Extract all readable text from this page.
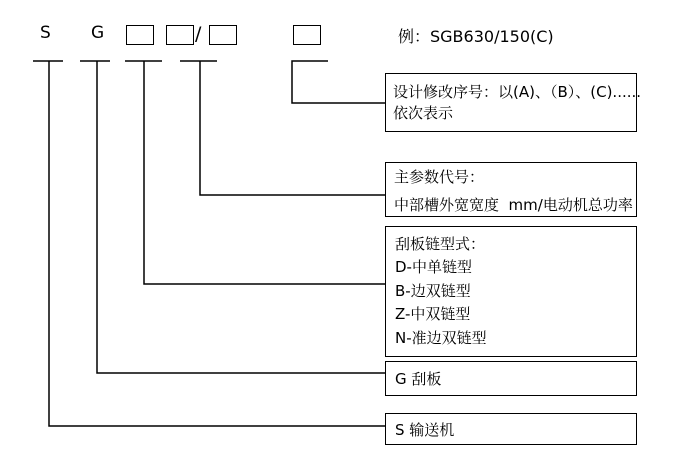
S G	/	例：SGB630/150(C)
设计修改序号：以(A)、（B）、(C)......
依次表示
主参数代号：
中部槽外宽宽度  mm/电动机总功率
刮板链型式：
D-中单链型
B-边双链型
Z-中双链型
N-准边双链型
G 刮板
S 输送机
